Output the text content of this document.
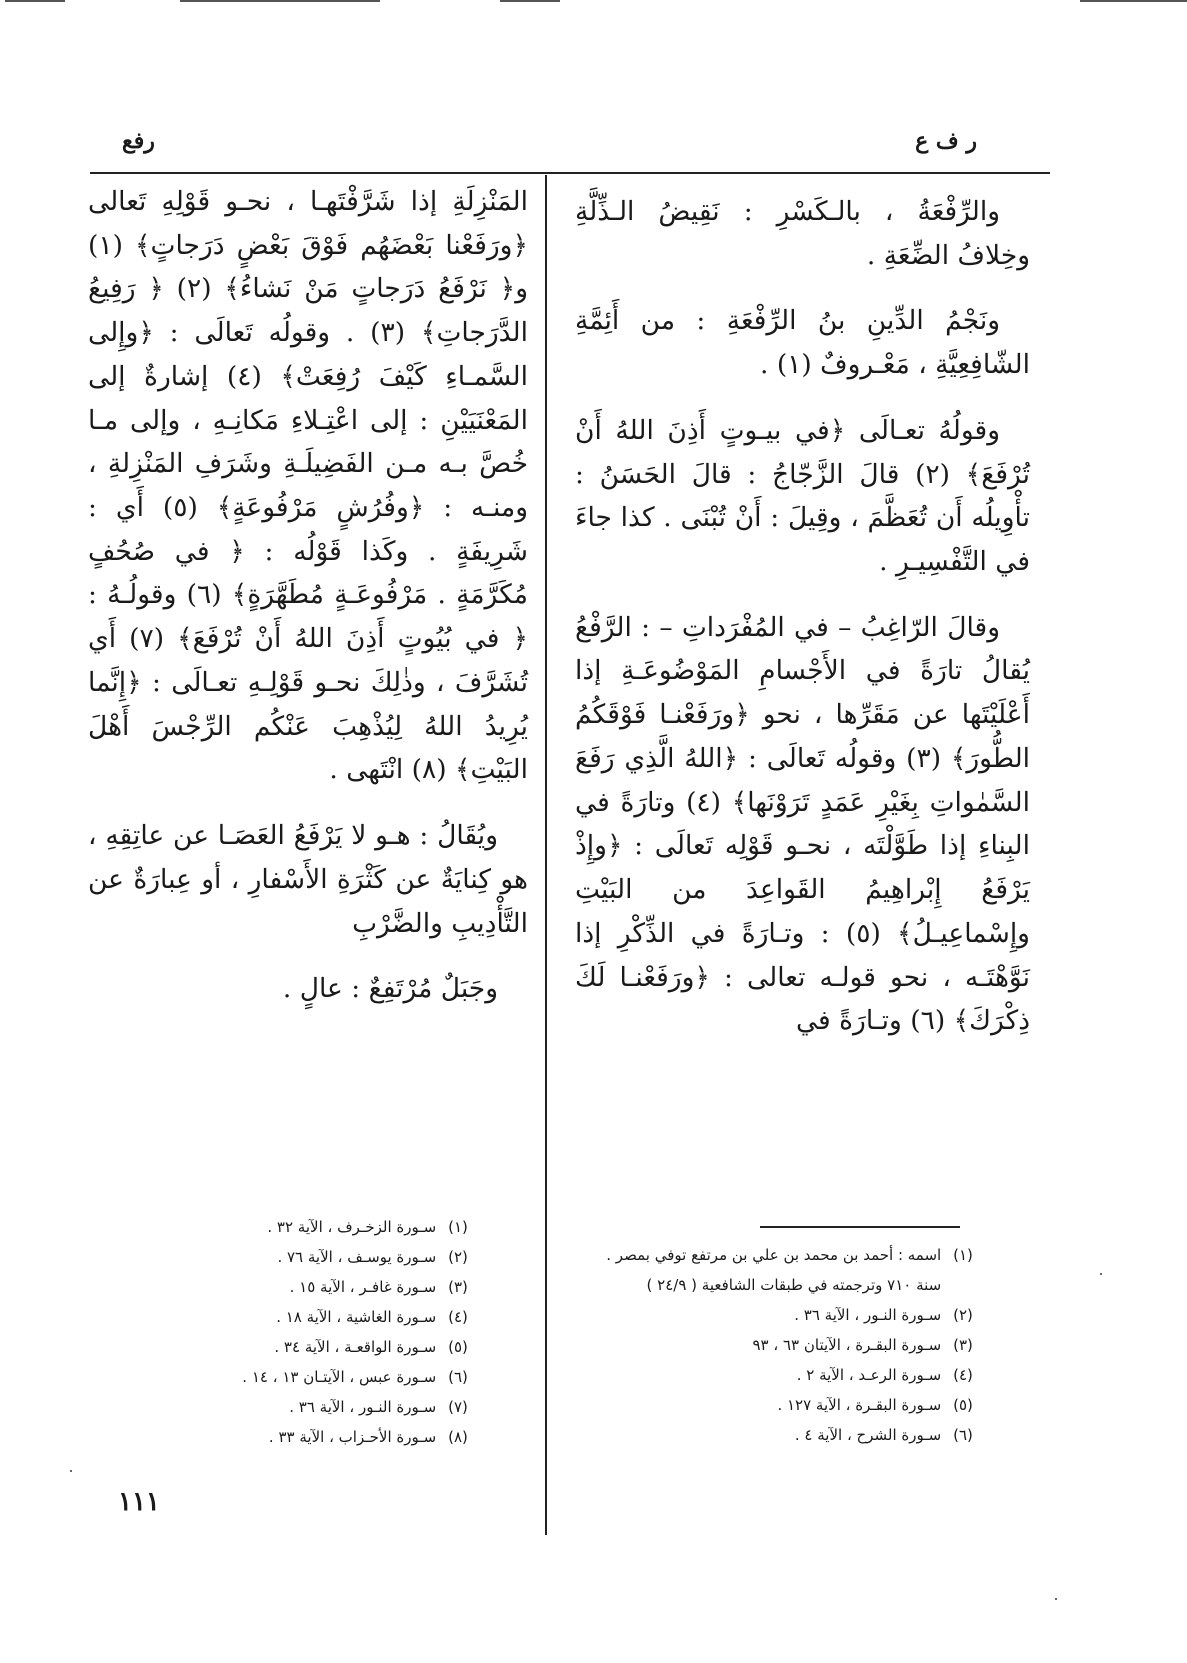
رفع	ر ف ع

والرِّفْعَةُ ، بالـكَسْرِ : نَقِيضُ الـذِّلَّةِ وخِلافُ الضِّعَةِ .

ونَجْمُ الدِّينِ بنُ الرِّفْعَةِ : من أَئِمَّةِ الشّافِعِيَّةِ ، مَعْـروفٌ (١) .

وقولُهُ تعـالَى ﴿في بيـوتٍ أَذِنَ اللهُ أَنْ تُرْفَعَ﴾ (٢) قالَ الزَّجّاجُ : قالَ الحَسَنُ : تأْوِيلُه أَن تُعَظَّمَ ، وقِيلَ : أَنْ تُبْنَى . كذا جاءَ في التَّفْسِيـرِ .

وقالَ الرّاغِبُ – في المُفْرَداتِ – : الرَّفْعُ يُقالُ تارَةً في الأَجْسامِ المَوْضُوعَـةِ إذا أَعْلَيْتَها عن مَقَرِّها ، نحو ﴿ورَفَعْنـا فَوْقَكُمُ الطُّورَ﴾ (٣) وقولُه تَعالَى : ﴿اللهُ الَّذِي رَفَعَ السَّمٰواتِ بِغَيْرِ عَمَدٍ تَرَوْنَها﴾ (٤) وتارَةً في البِناءِ إذا طَوَّلْتَه ، نحـو قَوْلِه تَعالَى : ﴿وإِذْ يَرْفَعُ إِبْراهِيمُ القَواعِدَ من البَيْتِ وإِسْماعِيـلُ﴾ (٥) : وتـارَةً في الذِّكْرِ إذا نَوَّهْتَـه ، نحو قولـه تعالى : ﴿ورَفَعْنـا لَكَ ذِكْرَكَ﴾ (٦) وتـارَةً في

المَنْزِلَةِ إذا شَرَّفْتَهـا ، نحـو قَوْلِهِ تَعالى ﴿ورَفَعْنا بَعْضَهُم فَوْقَ بَعْضٍ دَرَجاتٍ﴾ (١) و﴿ نَرْفَعُ دَرَجاتٍ مَنْ نَشاءُ﴾ (٢) ﴿ رَفِيعُ الدَّرَجاتِ﴾ (٣) . وقولُه تَعالَى : ﴿وإِلى السَّمـاءِ كَيْفَ رُفِعَتْ﴾ (٤) إشارةٌ إلى المَعْنَيَيْنِ : إلى اعْتِـلاءِ مَكانِـهِ ، وإلى مـا خُصَّ بـه مـن الفَضِيلَـةِ وشَرَفِ المَنْزِلةِ ، ومنـه : ﴿وفُرُشٍ مَرْفُوعَةٍ﴾ (٥) أَي : شَرِيفَةٍ . وكَذا قَوْلُه : ﴿ في صُحُفٍ مُكَرَّمَةٍ . مَرْفُوعَـةٍ مُطَهَّرَةٍ﴾ (٦) وقولُـهُ : ﴿ في بُيُوتٍ أَذِنَ اللهُ أَنْ تُرْفَعَ﴾ (٧) أَي تُشَرَّفَ ، وذٰلِكَ نحـو قَوْلِـهِ تعـالَى : ﴿إِنَّما يُرِيدُ اللهُ لِيُذْهِبَ عَنْكُم الرِّجْسَ أَهْلَ البَيْتِ﴾ (٨) انْتَهى .

ويُقَالُ : هـو لا يَرْفَعُ العَصَـا عن عاتِقِهِ ، هو كِنايَةٌ عن كَثْرَةِ الأَسْفارِ ، أو عِبارَةٌ عن التَّأْدِيبِ والضَّرْبِ

وجَبَلٌ مُرْتَفِعٌ : عالٍ .

(١) اسمه : أحمد بن محمد بن علي بن مرتفع توفي بمصر .
سنة ٧١٠ وترجمته في طبقات الشافعية ( ٢٤/٩ )
(٢) سـورة النـور ، الآية ٣٦ .
(٣) سـورة البقـرة ، الآيتان ٦٣ ، ٩٣
(٤) سـورة الرعـد ، الآية ٢ .
(٥) سـورة البقـرة ، الآية ١٢٧ .
(٦) سـورة الشرح ، الآية ٤ .
(١) سـورة الزخـرف ، الآية ٣٢ .
(٢) سـورة يوسـف ، الآية ٧٦ .
(٣) سـورة غافـر ، الآية ١٥ .
(٤) سـورة الغاشية ، الآية ١٨ .
(٥) سـورة الواقعـة ، الآية ٣٤ .
(٦) سـورة عبس ، الآيتـان ١٣ ، ١٤ .
(٧) سـورة النـور ، الآية ٣٦ .
(٨) سـورة الأحـزاب ، الآية ٣٣ .
١١١
